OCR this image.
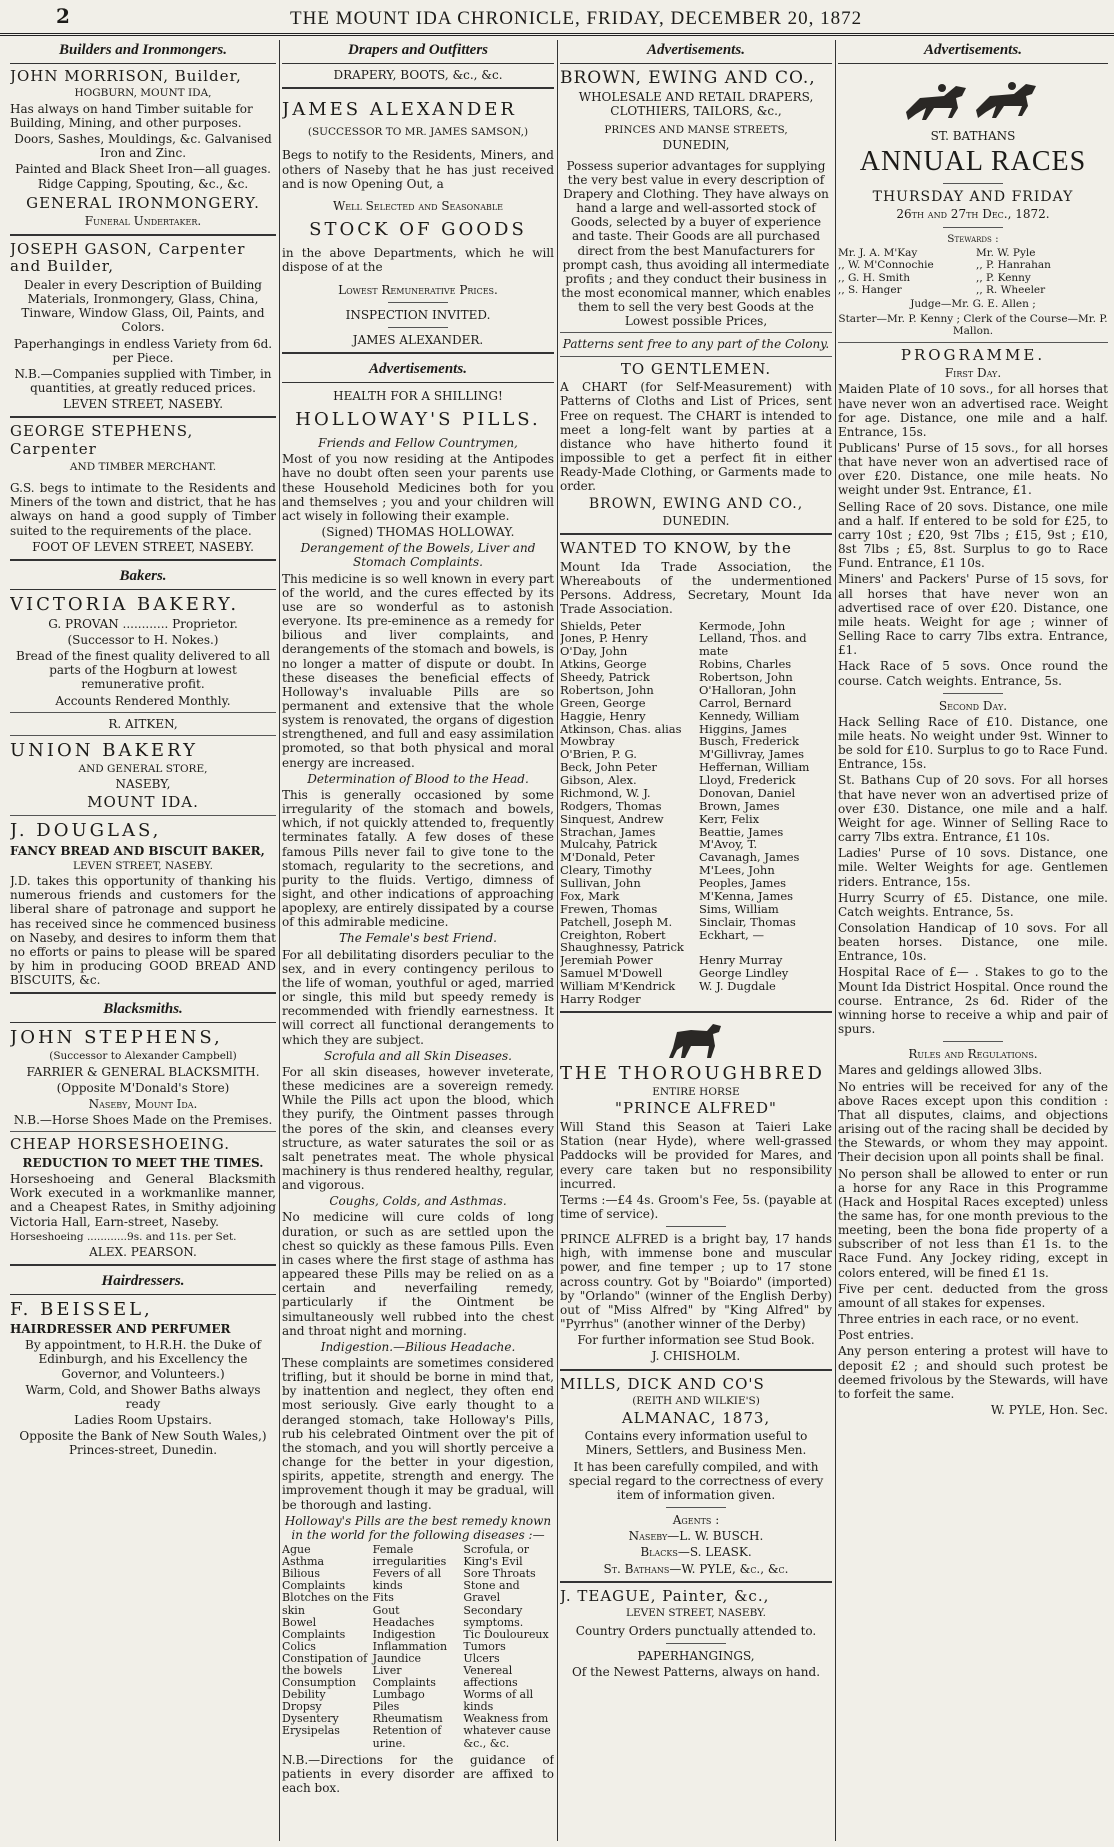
2	THE MOUNT IDA CHRONICLE, FRIDAY, DECEMBER 20, 1872
Builders and Ironmongers.

JOHN MORRISON, Builder,

HOGBURN, MOUNT IDA,

Has always on hand Timber suitable for Building, Mining, and other purposes.

Doors, Sashes, Mouldings, &c. Galvanised Iron and Zinc.

Painted and Black Sheet Iron—all guages. Ridge Capping, Spouting, &c., &c.

GENERAL IRONMONGERY.

Funeral Undertaker.

JOSEPH GASON, Carpenter and Builder,

Dealer in every Description of Building Materials, Ironmongery, Glass, China, Tinware, Window Glass, Oil, Paints, and Colors.

Paperhangings in endless Variety from 6d. per Piece.

N.B.—Companies supplied with Timber, in quantities, at greatly reduced prices.

LEVEN STREET, NASEBY.

GEORGE STEPHENS, Carpenter

AND TIMBER MERCHANT.

G.S. begs to intimate to the Residents and Miners of the town and district, that he has always on hand a good supply of Timber suited to the requirements of the place.

FOOT OF LEVEN STREET, NASEBY.

Bakers.

VICTORIA BAKERY.

G. PROVAN ............ Proprietor.

(Successor to H. Nokes.)

Bread of the finest quality delivered to all parts of the Hogburn at lowest remunerative profit.

Accounts Rendered Monthly.

R. AITKEN,

UNION BAKERY

AND GENERAL STORE,

NASEBY,

MOUNT IDA.

J. DOUGLAS,

FANCY BREAD AND BISCUIT BAKER,

LEVEN STREET, NASEBY.

J.D. takes this opportunity of thanking his numerous friends and customers for the liberal share of patronage and support he has received since he commenced business on Naseby, and desires to inform them that no efforts or pains to please will be spared by him in producing GOOD BREAD AND BISCUITS, &c.

Blacksmiths.

JOHN STEPHENS,

(Successor to Alexander Campbell)

FARRIER & GENERAL BLACKSMITH.

(Opposite M'Donald's Store)

Naseby, Mount Ida.

N.B.—Horse Shoes Made on the Premises.

CHEAP HORSESHOEING.

REDUCTION TO MEET THE TIMES.

Horseshoeing and General Blacksmith Work executed in a workmanlike manner, and a Cheapest Rates, in Smithy adjoining Victoria Hall, Earn-street, Naseby.

Horseshoeing ............9s. and 11s. per Set.

ALEX. PEARSON.

Hairdressers.

F. BEISSEL,

HAIRDRESSER AND PERFUMER

By appointment, to H.R.H. the Duke of Edinburgh, and his Excellency the Governor, and Volunteers.)

Warm, Cold, and Shower Baths always ready

Ladies Room Upstairs.

Opposite the Bank of New South Wales,) Princes-street, Dunedin.

Drapers and Outfitters

DRAPERY, BOOTS, &c., &c.

JAMES ALEXANDER

(SUCCESSOR TO MR. JAMES SAMSON,)

Begs to notify to the Residents, Miners, and others of Naseby that he has just received and is now Opening Out, a

Well Selected and Seasonable

STOCK OF GOODS

in the above Departments, which he will dispose of at the

Lowest Remunerative Prices.

INSPECTION INVITED.

JAMES ALEXANDER.

Advertisements.

HEALTH FOR A SHILLING!

HOLLOWAY'S PILLS.

Friends and Fellow Countrymen,

Most of you now residing at the Antipodes have no doubt often seen your parents use these Household Medicines both for you and themselves ; you and your children will act wisely in following their example.

(Signed) THOMAS HOLLOWAY.

Derangement of the Bowels, Liver and Stomach Complaints.

This medicine is so well known in every part of the world, and the cures effected by its use are so wonderful as to astonish everyone. Its pre-eminence as a remedy for bilious and liver complaints, and derangements of the stomach and bowels, is no longer a matter of dispute or doubt. In these diseases the beneficial effects of Holloway's invaluable Pills are so permanent and extensive that the whole system is renovated, the organs of digestion strengthened, and full and easy assimilation promoted, so that both physical and moral energy are increased.

Determination of Blood to the Head.

This is generally occasioned by some irregularity of the stomach and bowels, which, if not quickly attended to, frequently terminates fatally. A few doses of these famous Pills never fail to give tone to the stomach, regularity to the secretions, and purity to the fluids. Vertigo, dimness of sight, and other indications of approaching apoplexy, are entirely dissipated by a course of this admirable medicine.

The Female's best Friend.

For all debilitating disorders peculiar to the sex, and in every contingency perilous to the life of woman, youthful or aged, married or single, this mild but speedy remedy is recommended with friendly earnestness. It will correct all functional derangements to which they are subject.

Scrofula and all Skin Diseases.

For all skin diseases, however inveterate, these medicines are a sovereign remedy. While the Pills act upon the blood, which they purify, the Ointment passes through the pores of the skin, and cleanses every structure, as water saturates the soil or as salt penetrates meat. The whole physical machinery is thus rendered healthy, regular, and vigorous.

Coughs, Colds, and Asthmas.

No medicine will cure colds of long duration, or such as are settled upon the chest so quickly as these famous Pills. Even in cases where the first stage of asthma has appeared these Pills may be relied on as a certain and neverfailing remedy, particularly if the Ointment be simultaneously well rubbed into the chest and throat night and morning.

Indigestion.—Bilious Headache.

These complaints are sometimes considered trifling, but it should be borne in mind that, by inattention and neglect, they often end most seriously. Give early thought to a deranged stomach, take Holloway's Pills, rub his celebrated Ointment over the pit of the stomach, and you will shortly perceive a change for the better in your digestion, spirits, appetite, strength and energy. The improvement though it may be gradual, will be thorough and lasting.

Holloway's Pills are the best remedy known in the world for the following diseases :—

Ague
Asthma
Bilious Complaints
Blotches on the skin
Bowel Complaints
Colics
Constipation of the bowels
Consumption
Debility
Dropsy
Dysentery
Erysipelas
Female irregularities
Fevers of all kinds
Fits
Gout
Headaches
Indigestion
Inflammation
Jaundice
Liver Complaints
Lumbago
Piles
Rheumatism
Retention of urine.
Scrofula, or King's Evil
Sore Throats
Stone and Gravel
Secondary symptoms.
Tic Douloureux
Tumors
Ulcers
Venereal affections
Worms of all kinds
Weakness from whatever cause &c., &c.

N.B.—Directions for the guidance of patients in every disorder are affixed to each box.

Advertisements.

BROWN, EWING AND CO.,

WHOLESALE AND RETAIL DRAPERS, CLOTHIERS, TAILORS, &c.,

PRINCES AND MANSE STREETS,

DUNEDIN,

Possess superior advantages for supplying the very best value in every description of Drapery and Clothing. They have always on hand a large and well-assorted stock of Goods, selected by a buyer of experience and taste. Their Goods are all purchased direct from the best Manufacturers for prompt cash, thus avoiding all intermediate profits ; and they conduct their business in the most economical manner, which enables them to sell the very best Goods at the Lowest possible Prices,

Patterns sent free to any part of the Colony.

TO GENTLEMEN.

A CHART (for Self-Measurement) with Patterns of Cloths and List of Prices, sent Free on request. The CHART is intended to meet a long-felt want by parties at a distance who have hitherto found it impossible to get a perfect fit in either Ready-Made Clothing, or Garments made to order.

BROWN, EWING AND CO.,

DUNEDIN.

WANTED TO KNOW, by the

Mount Ida Trade Association, the Whereabouts of the undermentioned Persons. Address, Secretary, Mount Ida Trade Association.

Shields, Peter
Jones, P. Henry
O'Day, John
Atkins, George
Sheedy, Patrick
Robertson, John
Green, George
Haggie, Henry
Atkinson, Chas. alias Mowbray
O'Brien, P. G.
Beck, John Peter
Gibson, Alex.
Richmond, W. J.
Rodgers, Thomas
Sinquest, Andrew
Strachan, James
Mulcahy, Patrick
M'Donald, Peter
Cleary, Timothy
Sullivan, John
Fox, Mark
Frewen, Thomas
Patchell, Joseph M.
Creighton, Robert
Shaughnessy, Patrick
Jeremiah Power
Samuel M'Dowell
William M'Kendrick
Harry Rodger
Kermode, John
Lelland, Thos. and mate
Robins, Charles
Robertson, John
O'Halloran, John
Carrol, Bernard
Kennedy, William
Higgins, James
Busch, Frederick
M'Gillivray, James
Heffernan, William
Lloyd, Frederick
Donovan, Daniel
Brown, James
Kerr, Felix
Beattie, James
M'Avoy, T.
Cavanagh, James
M'Lees, John
Peoples, James
M'Kenna, James
Sims, William
Sinclair, Thomas
Eckhart, —

Henry Murray
George Lindley
W. J. Dugdale

THE THOROUGHBRED

ENTIRE HORSE

"PRINCE ALFRED"

Will Stand this Season at Taieri Lake Station (near Hyde), where well-grassed Paddocks will be provided for Mares, and every care taken but no responsibility incurred.

Terms :—£4 4s. Groom's Fee, 5s. (payable at time of service).

PRINCE ALFRED is a bright bay, 17 hands high, with immense bone and muscular power, and fine temper ; up to 17 stone across country. Got by "Boiardo" (imported) by "Orlando" (winner of the English Derby) out of "Miss Alfred" by "King Alfred" by "Pyrrhus" (another winner of the Derby)

For further information see Stud Book.

J. CHISHOLM.

MILLS, DICK AND CO'S

(REITH AND WILKIE'S)

ALMANAC, 1873,

Contains every information useful to Miners, Settlers, and Business Men.

It has been carefully compiled, and with special regard to the correctness of every item of information given.

Agents :

Naseby—L. W. BUSCH.

Blacks—S. LEASK.

St. Bathans—W. PYLE, &c., &c.

J. TEAGUE, Painter, &c.,

LEVEN STREET, NASEBY.

Country Orders punctually attended to.

PAPERHANGINGS,

Of the Newest Patterns, always on hand.

Advertisements.

ST. BATHANS

ANNUAL RACES

THURSDAY AND FRIDAY

26th and 27th Dec., 1872.

Stewards :

Mr. J. A. M'Kay
,, W. M'Connochie
,, G. H. Smith
,, S. Hanger
Mr. W. Pyle
,, P. Hanrahan
,, P. Kenny
,, R. Wheeler

Judge—Mr. G. E. Allen ;

Starter—Mr. P. Kenny ; Clerk of the Course—Mr. P. Mallon.

PROGRAMME.

First Day.

Maiden Plate of 10 sovs., for all horses that have never won an advertised race. Weight for age. Distance, one mile and a half. Entrance, 15s.

Publicans' Purse of 15 sovs., for all horses that have never won an advertised race of over £20. Distance, one mile heats. No weight under 9st. Entrance, £1.

Selling Race of 20 sovs. Distance, one mile and a half. If entered to be sold for £25, to carry 10st ; £20, 9st 7lbs ; £15, 9st ; £10, 8st 7lbs ; £5, 8st. Surplus to go to Race Fund. Entrance, £1 10s.

Miners' and Packers' Purse of 15 sovs, for all horses that have never won an advertised race of over £20. Distance, one mile heats. Weight for age ; winner of Selling Race to carry 7lbs extra. Entrance, £1.

Hack Race of 5 sovs. Once round the course. Catch weights. Entrance, 5s.

Second Day.

Hack Selling Race of £10. Distance, one mile heats. No weight under 9st. Winner to be sold for £10. Surplus to go to Race Fund. Entrance, 15s.

St. Bathans Cup of 20 sovs. For all horses that have never won an advertised prize of over £30. Distance, one mile and a half. Weight for age. Winner of Selling Race to carry 7lbs extra. Entrance, £1 10s.

Ladies' Purse of 10 sovs. Distance, one mile. Welter Weights for age. Gentlemen riders. Entrance, 15s.

Hurry Scurry of £5. Distance, one mile. Catch weights. Entrance, 5s.

Consolation Handicap of 10 sovs. For all beaten horses. Distance, one mile. Entrance, 10s.

Hospital Race of £— . Stakes to go to the Mount Ida District Hospital. Once round the course. Entrance, 2s 6d. Rider of the winning horse to receive a whip and pair of spurs.

Rules and Regulations.

Mares and geldings allowed 3lbs.

No entries will be received for any of the above Races except upon this condition : That all disputes, claims, and objections arising out of the racing shall be decided by the Stewards, or whom they may appoint. Their decision upon all points shall be final.

No person shall be allowed to enter or run a horse for any Race in this Programme (Hack and Hospital Races excepted) unless the same has, for one month previous to the meeting, been the bona fide property of a subscriber of not less than £1 1s. to the Race Fund. Any Jockey riding, except in colors entered, will be fined £1 1s.

Five per cent. deducted from the gross amount of all stakes for expenses.

Three entries in each race, or no event.

Post entries.

Any person entering a protest will have to deposit £2 ; and should such protest be deemed frivolous by the Stewards, will have to forfeit the same.

W. PYLE, Hon. Sec.
